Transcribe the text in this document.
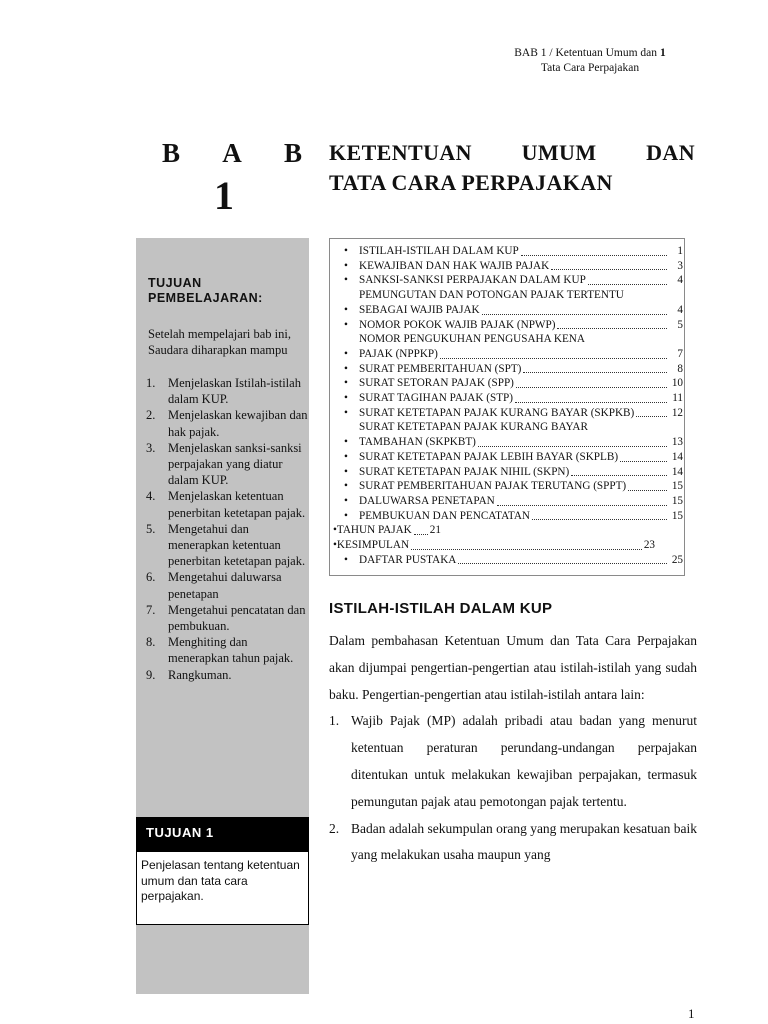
BAB 1 / Ketentuan Umum dan 1
Tata Cara Perpajakan
B A B
1
KETENTUAN UMUM DAN
TATA CARA PERPAJAKAN
TUJUAN
PEMBELAJARAN:
Setelah mempelajari bab ini, Saudara diharapkan mampu
1.	Menjelaskan Istilah-istilah dalam KUP.
2.	Menjelaskan kewajiban dan hak pajak.
3.	Menjelaskan sanksi-sanksi perpajakan yang diatur dalam KUP.
4.	Menjelaskan ketentuan penerbitan ketetapan pajak.
5.	Mengetahui dan menerapkan ketentuan penerbitan ketetapan pajak.
6.	Mengetahui daluwarsa penetapan
7.	Mengetahui pencatatan dan pembukuan.
8.	Menghiting dan menerapkan tahun pajak.
9.	Rangkuman.
TUJUAN 1
Penjelasan tentang ketentuan umum dan tata cara perpajakan.
• ISTILAH-ISTILAH DALAM KUP	1
• KEWAJIBAN DAN HAK WAJIB PAJAK	3
• SANKSI-SANKSI PERPAJAKAN DALAM KUP	4
•
PEMUNGUTAN DAN POTONGAN PAJAK TERTENTU
SEBAGAI WAJIB PAJAK	4
• NOMOR POKOK WAJIB PAJAK (NPWP)	5
•
NOMOR PENGUKUHAN PENGUSAHA KENA
PAJAK (NPPKP)	7
• SURAT PEMBERITAHUAN (SPT)	8
• SURAT SETORAN PAJAK (SPP)	10
• SURAT TAGIHAN PAJAK (STP)	11
• SURAT KETETAPAN PAJAK KURANG BAYAR (SKPKB)	12
•
SURAT KETETAPAN PAJAK KURANG BAYAR
TAMBAHAN (SKPKBT)	13
• SURAT KETETAPAN PAJAK LEBIH BAYAR (SKPLB)	14
• SURAT KETETAPAN PAJAK NIHIL (SKPN)	14
• SURAT PEMBERITAHUAN PAJAK TERUTANG (SPPT)	15
• DALUWARSA PENETAPAN	15
• PEMBUKUAN DAN PENCATATAN	15
•TAHUN PAJAK 21
•KESIMPULAN	23
• DAFTAR PUSTAKA	25
ISTILAH-ISTILAH DALAM KUP

Dalam pembahasan Ketentuan Umum dan Tata Cara Perpajakan akan dijumpai pengertian-pengertian atau istilah-istilah yang sudah baku. Pengertian-pengertian atau istilah-istilah antara lain:

1. Wajib Pajak (MP) adalah pribadi atau badan yang menurut ketentuan peraturan perundang-undangan perpajakan ditentukan untuk melakukan kewajiban perpajakan, termasuk pemungutan pajak atau pemotongan pajak tertentu.
2. Badan adalah sekumpulan orang yang merupakan kesatuan baik yang melakukan usaha maupun yang
1
